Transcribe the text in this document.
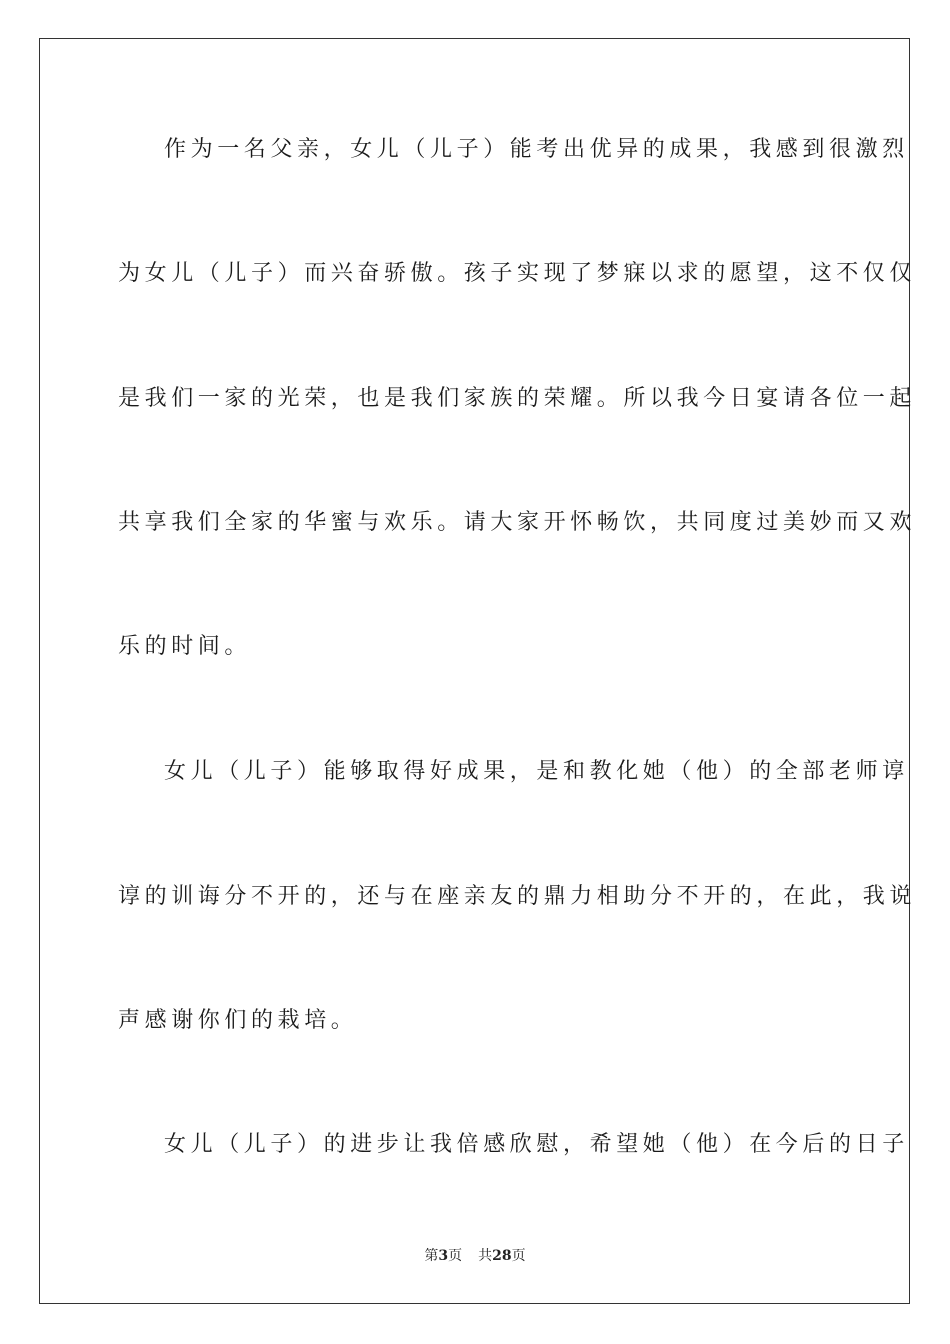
作为一名父亲，女儿（儿子）能考出优异的成果，我感到很激烈
为女儿（儿子）而兴奋骄傲。孩子实现了梦寐以求的愿望，这不仅仅
是我们一家的光荣，也是我们家族的荣耀。所以我今日宴请各位一起
共享我们全家的华蜜与欢乐。请大家开怀畅饮，共同度过美妙而又欢
乐的时间。
女儿（儿子）能够取得好成果，是和教化她（他）的全部老师谆
谆的训诲分不开的，还与在座亲友的鼎力相助分不开的，在此，我说
声感谢你们的栽培。
女儿（儿子）的进步让我倍感欣慰，希望她（他）在今后的日子
第3页 共28页
